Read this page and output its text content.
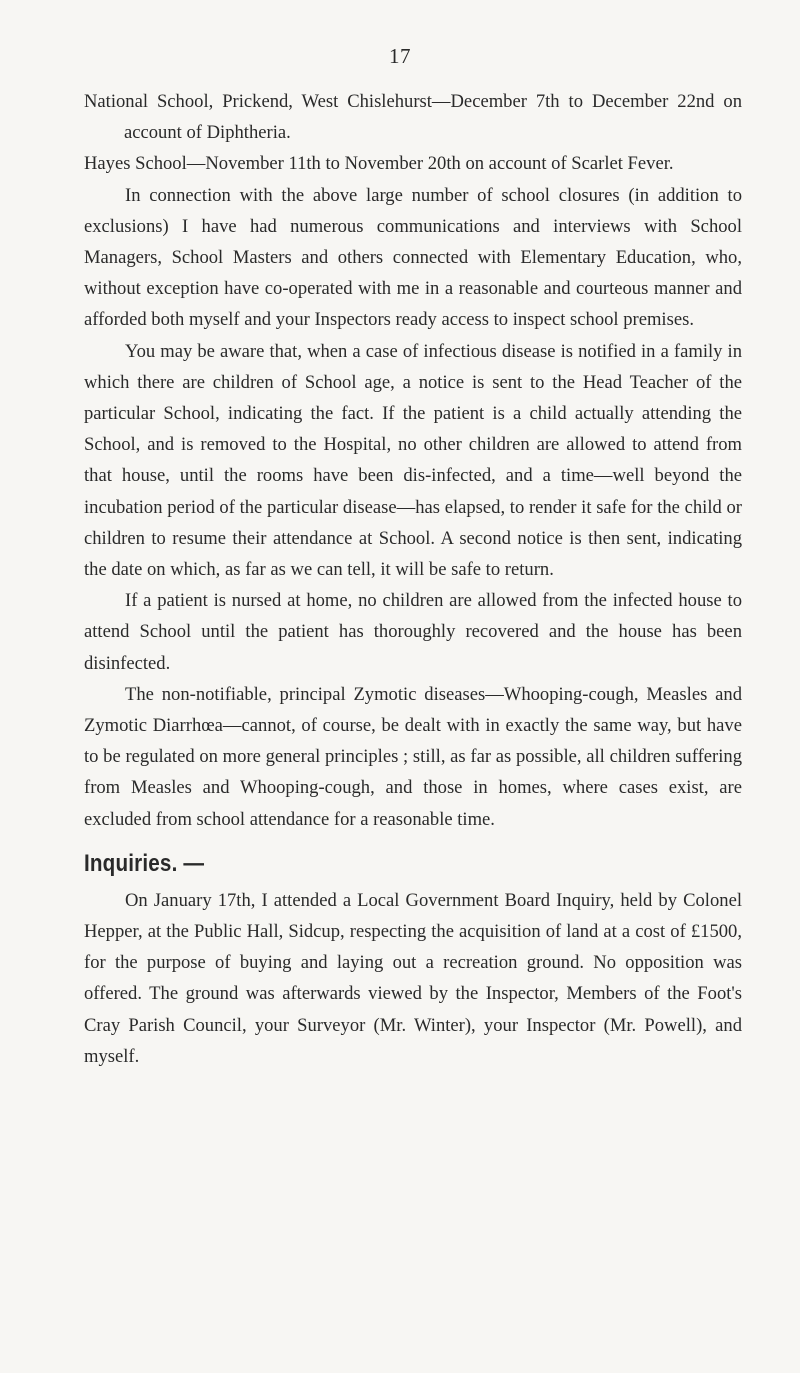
17

National School, Prickend, West Chislehurst—December 7th to December 22nd on account of Diphtheria.

Hayes School—November 11th to November 20th on account of Scarlet Fever.

In connection with the above large number of school closures (in addition to exclusions) I have had numerous communications and interviews with School Managers, School Masters and others connected with Elementary Education, who, without exception have co-operated with me in a reasonable and courteous manner and afforded both myself and your Inspectors ready access to inspect school premises.

You may be aware that, when a case of infectious disease is notified in a family in which there are children of School age, a notice is sent to the Head Teacher of the particular School, indicating the fact. If the patient is a child actually attending the School, and is removed to the Hospital, no other children are allowed to attend from that house, until the rooms have been dis-infected, and a time—well beyond the incubation period of the particular disease—has elapsed, to render it safe for the child or children to resume their attendance at School. A second notice is then sent, indicating the date on which, as far as we can tell, it will be safe to return.

If a patient is nursed at home, no children are allowed from the infected house to attend School until the patient has thoroughly recovered and the house has been disinfected.

The non-notifiable, principal Zymotic diseases—Whooping-cough, Measles and Zymotic Diarrhœa—cannot, of course, be dealt with in exactly the same way, but have to be regulated on more general principles ; still, as far as possible, all children suffering from Measles and Whooping-cough, and those in homes, where cases exist, are excluded from school attendance for a reasonable time.

Inquiries. —

On January 17th, I attended a Local Government Board Inquiry, held by Colonel Hepper, at the Public Hall, Sidcup, respecting the acquisition of land at a cost of £1500, for the purpose of buying and laying out a recreation ground. No opposition was offered. The ground was afterwards viewed by the Inspector, Members of the Foot's Cray Parish Council, your Surveyor (Mr. Winter), your Inspector (Mr. Powell), and myself.
